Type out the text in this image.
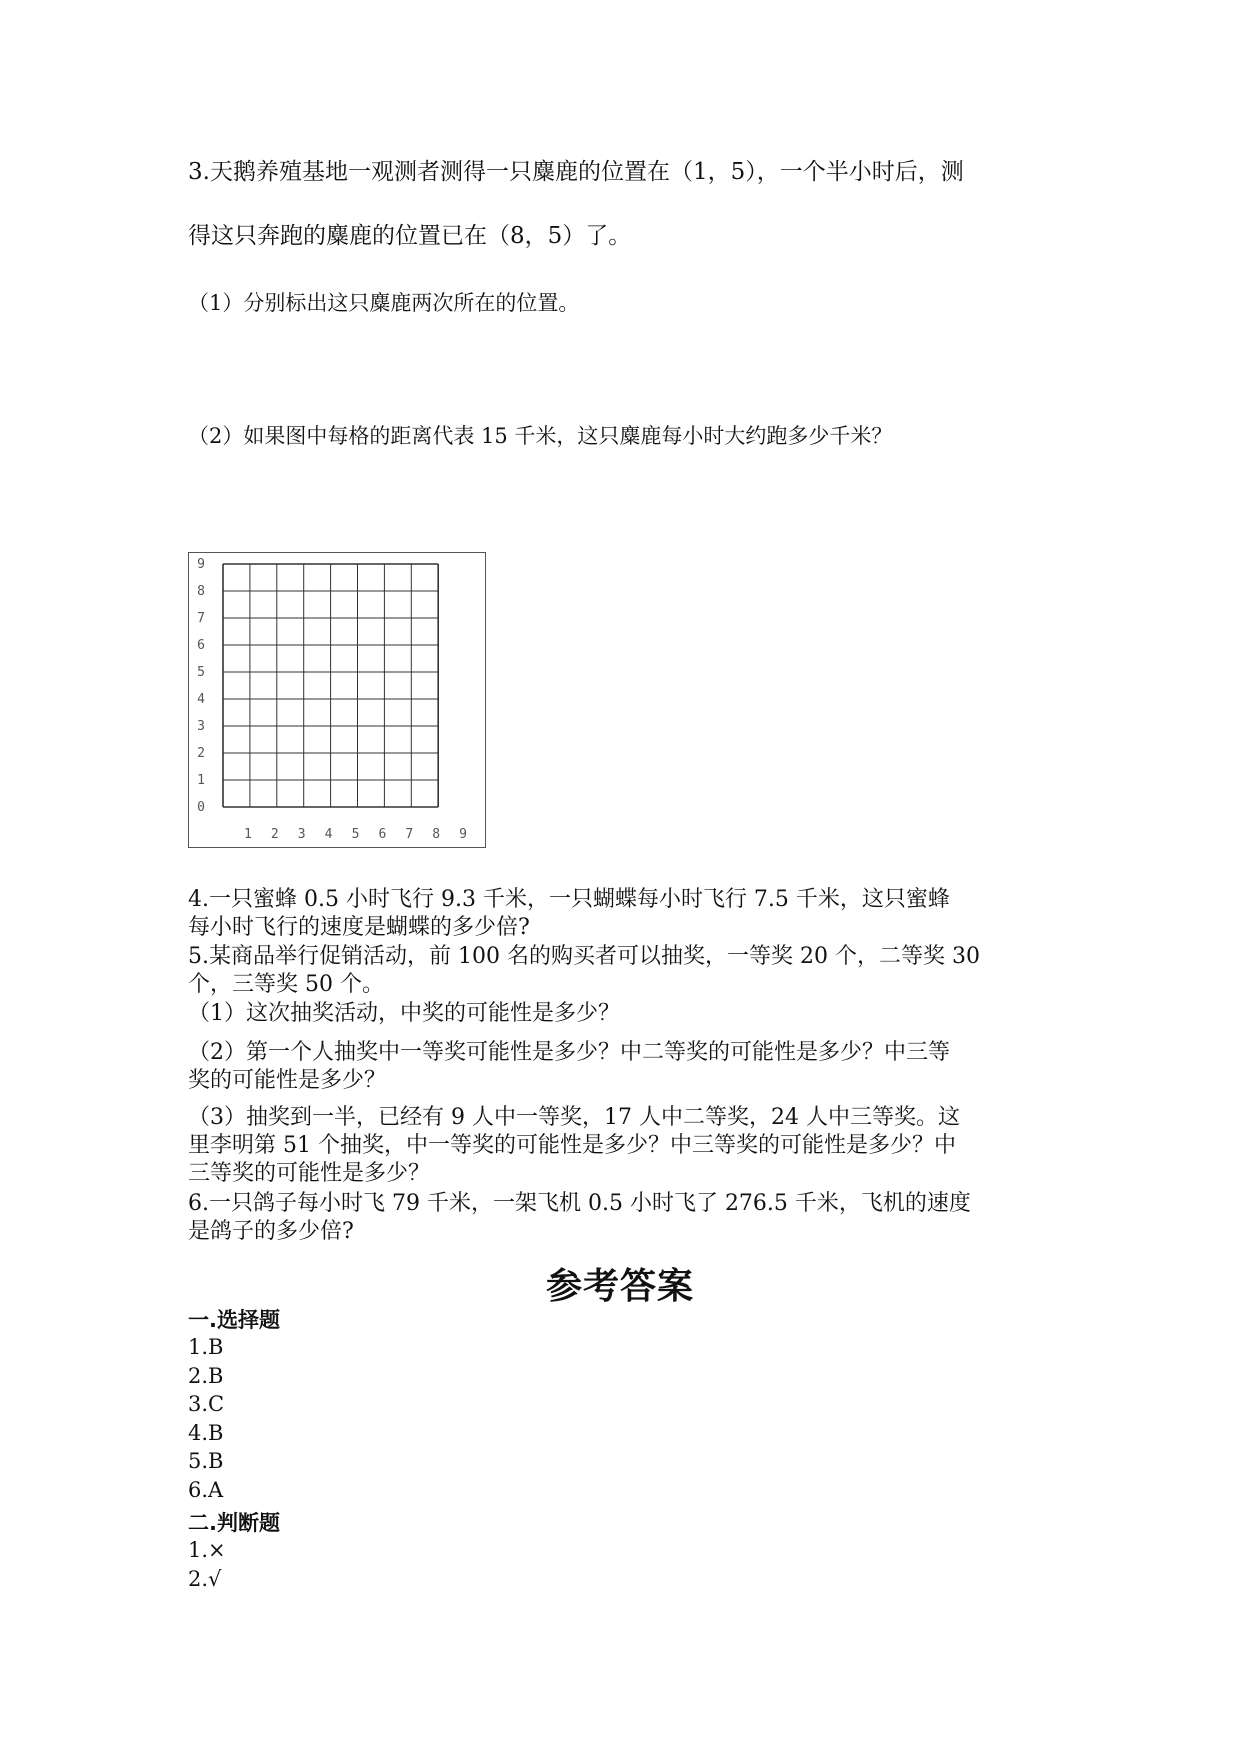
3.天鹅养殖基地一观测者测得一只麋鹿的位置在（1，5），一个半小时后，测

得这只奔跑的麋鹿的位置已在（8，5）了。

（1）分别标出这只麋鹿两次所在的位置。

（2）如果图中每格的距离代表 15 千米，这只麋鹿每小时大约跑多少千米？

0
1
2
3
4
5
6
7
8
9
1 2 3 4 5 6 7 8 9

4.一只蜜蜂 0.5 小时飞行 9.3 千米，一只蝴蝶每小时飞行 7.5 千米，这只蜜蜂

每小时飞行的速度是蝴蝶的多少倍?

5.某商品举行促销活动，前 100 名的购买者可以抽奖，一等奖 20 个，二等奖 30

个，三等奖 50 个。

（1）这次抽奖活动，中奖的可能性是多少？

（2）第一个人抽奖中一等奖可能性是多少？中二等奖的可能性是多少？中三等

奖的可能性是多少？

（3）抽奖到一半，已经有 9 人中一等奖，17 人中二等奖，24 人中三等奖。这

里李明第 51 个抽奖，中一等奖的可能性是多少？中三等奖的可能性是多少？中

三等奖的可能性是多少？

6.一只鸽子每小时飞 79 千米，一架飞机 0.5 小时飞了 276.5 千米，飞机的速度

是鸽子的多少倍?

参考答案

一.选择题

1.B
2.B
3.C
4.B
5.B
6.A

二.判断题

1.×
2.√
